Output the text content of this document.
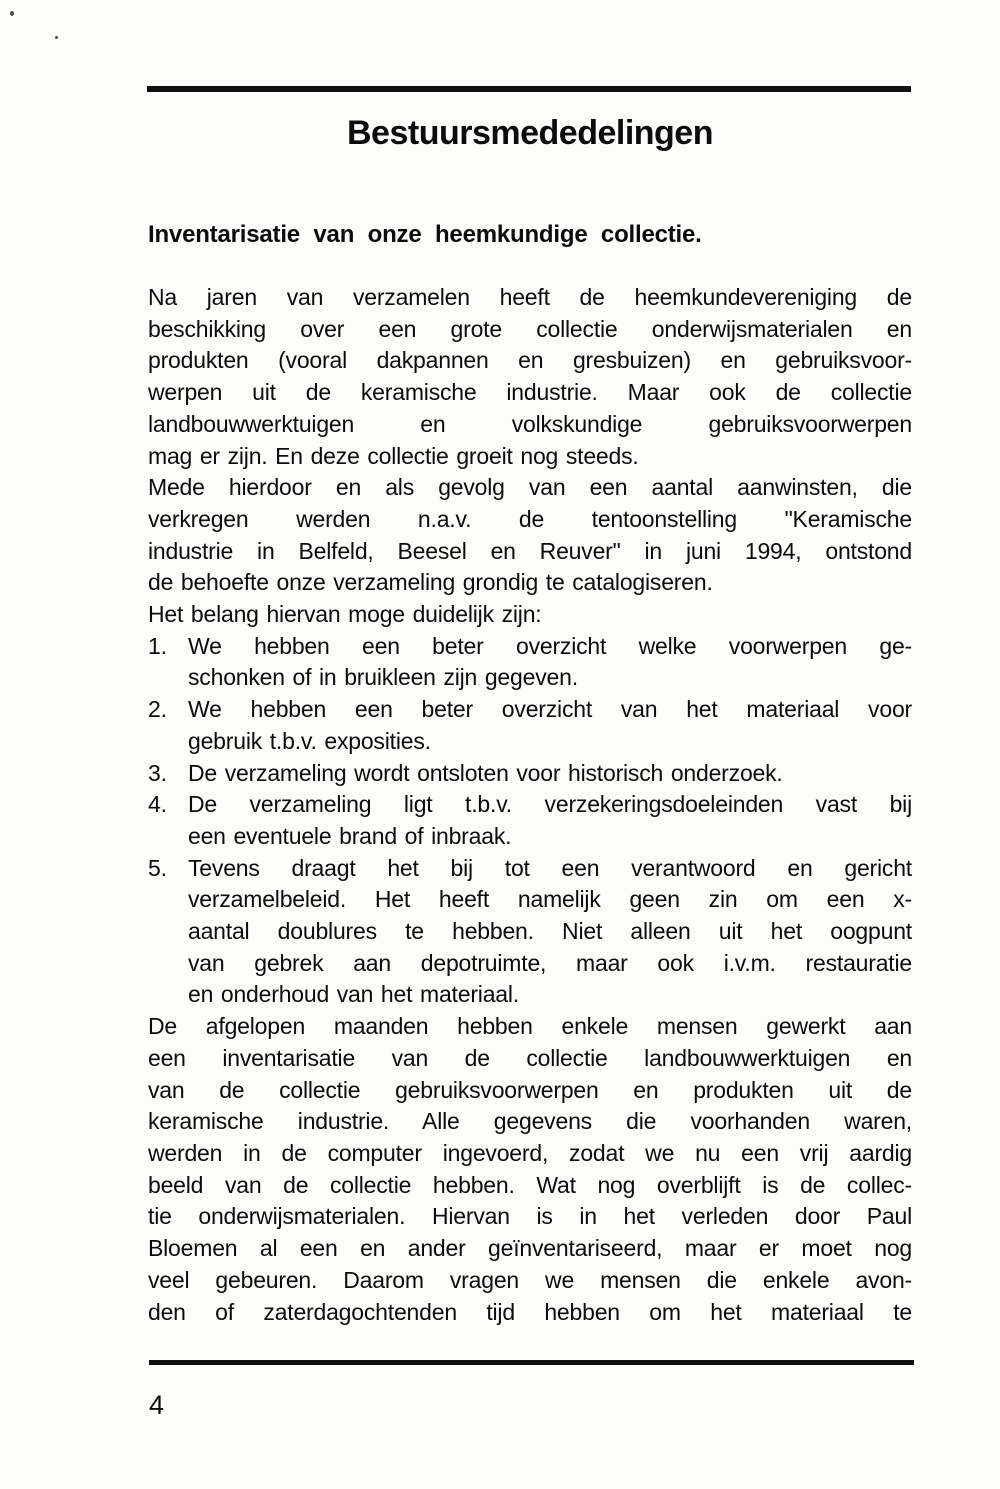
Bestuursmededelingen
Inventarisatie van onze heemkundige collectie.
Na jaren van verzamelen heeft de heemkundevereniging de
beschikking over een grote collectie onderwijsmaterialen en
produkten (vooral dakpannen en gresbuizen) en gebruiksvoor-
werpen uit de keramische industrie. Maar ook de collectie
landbouwwerktuigen en volkskundige gebruiksvoorwerpen
mag er zijn. En deze collectie groeit nog steeds.
Mede hierdoor en als gevolg van een aantal aanwinsten, die
verkregen werden n.a.v. de tentoonstelling "Keramische
industrie in Belfeld, Beesel en Reuver" in juni 1994, ontstond
de behoefte onze verzameling grondig te catalogiseren.
Het belang hiervan moge duidelijk zijn:
1. We hebben een beter overzicht welke voorwerpen ge-
schonken of in bruikleen zijn gegeven.
2. We hebben een beter overzicht van het materiaal voor
gebruik t.b.v. exposities.
3. De verzameling wordt ontsloten voor historisch onderzoek.
4. De verzameling ligt t.b.v. verzekeringsdoeleinden vast bij
een eventuele brand of inbraak.
5. Tevens draagt het bij tot een verantwoord en gericht
verzamelbeleid. Het heeft namelijk geen zin om een x-
aantal doublures te hebben. Niet alleen uit het oogpunt
van gebrek aan depotruimte, maar ook i.v.m. restauratie
en onderhoud van het materiaal.
De afgelopen maanden hebben enkele mensen gewerkt aan
een inventarisatie van de collectie landbouwwerktuigen en
van de collectie gebruiksvoorwerpen en produkten uit de
keramische industrie. Alle gegevens die voorhanden waren,
werden in de computer ingevoerd, zodat we nu een vrij aardig
beeld van de collectie hebben. Wat nog overblijft is de collec-
tie onderwijsmaterialen. Hiervan is in het verleden door Paul
Bloemen al een en ander geïnventariseerd, maar er moet nog
veel gebeuren. Daarom vragen we mensen die enkele avon-
den of zaterdagochtenden tijd hebben om het materiaal te
4
